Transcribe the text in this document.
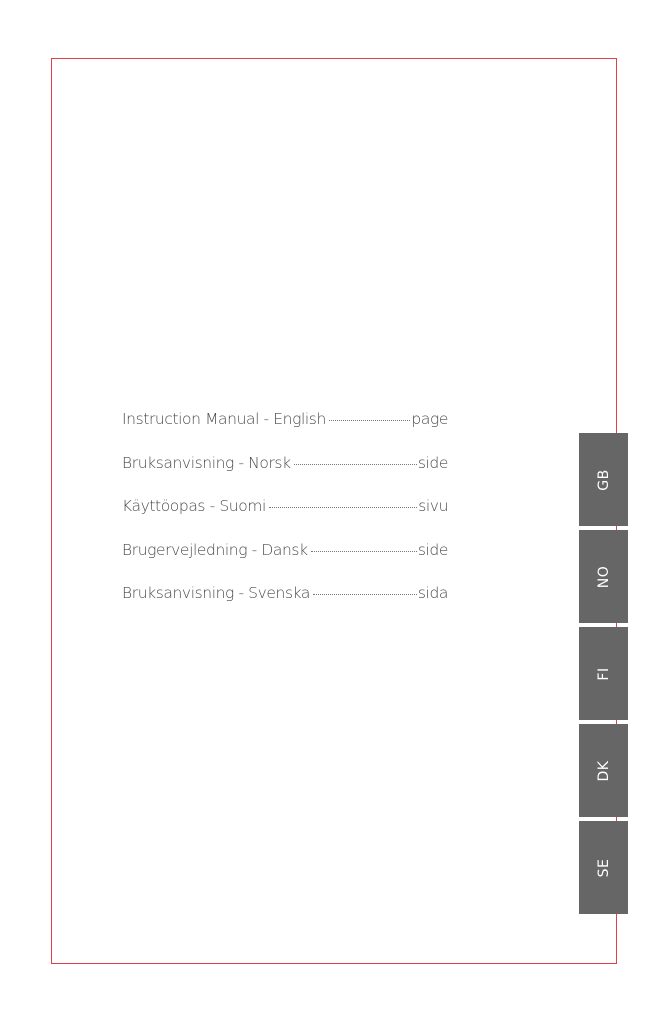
Instruction Manual - English	page
Bruksanvisning - Norsk	side
Käyttöopas - Suomi	sivu
Brugervejledning - Dansk	side
Bruksanvisning - Svenska	sida
GB
NO
FI
DK
SE
